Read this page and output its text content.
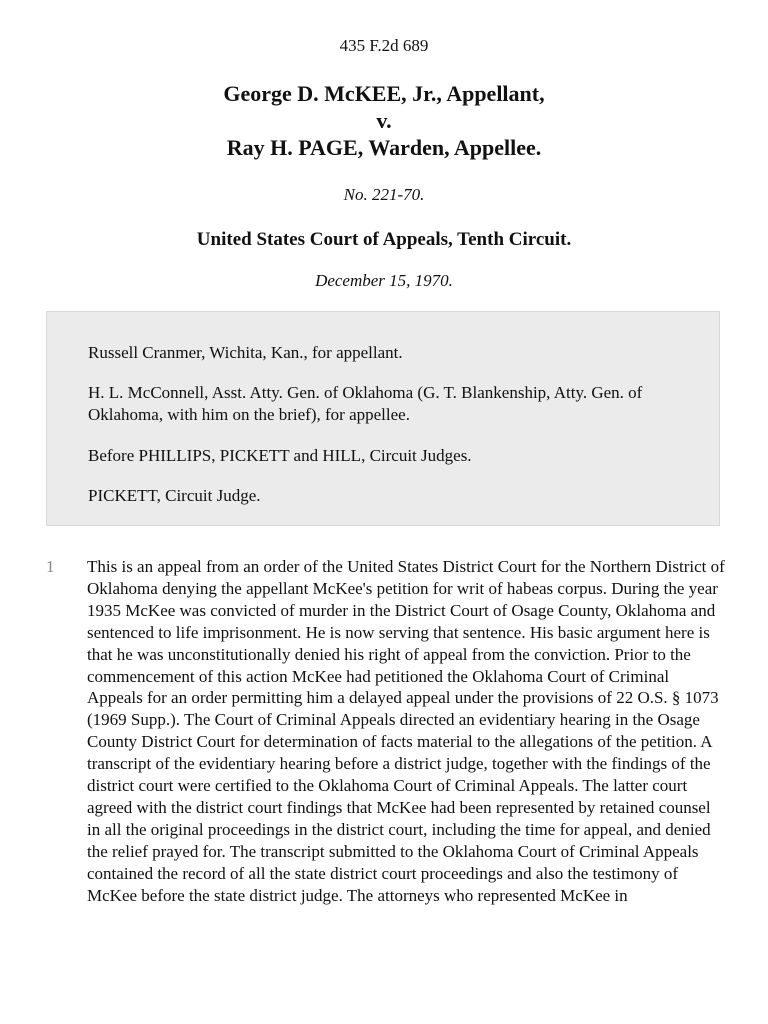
435 F.2d 689
George D. McKEE, Jr., Appellant,
v.
Ray H. PAGE, Warden, Appellee.
No. 221-70.
United States Court of Appeals, Tenth Circuit.
December 15, 1970.

Russell Cranmer, Wichita, Kan., for appellant.

H. L. McConnell, Asst. Atty. Gen. of Oklahoma (G. T. Blankenship, Atty. Gen. of Oklahoma, with him on the brief), for appellee.

Before PHILLIPS, PICKETT and HILL, Circuit Judges.

PICKETT, Circuit Judge.

1 This is an appeal from an order of the United States District Court for the Northern District of Oklahoma denying the appellant McKee's petition for writ of habeas corpus. During the year 1935 McKee was convicted of murder in the District Court of Osage County, Oklahoma and sentenced to life imprisonment. He is now serving that sentence. His basic argument here is that he was unconstitutionally denied his right of appeal from the conviction. Prior to the commencement of this action McKee had petitioned the Oklahoma Court of Criminal Appeals for an order permitting him a delayed appeal under the provisions of 22 O.S. § 1073 (1969 Supp.). The Court of Criminal Appeals directed an evidentiary hearing in the Osage County District Court for determination of facts material to the allegations of the petition. A transcript of the evidentiary hearing before a district judge, together with the findings of the district court were certified to the Oklahoma Court of Criminal Appeals. The latter court agreed with the district court findings that McKee had been represented by retained counsel in all the original proceedings in the district court, including the time for appeal, and denied the relief prayed for. The transcript submitted to the Oklahoma Court of Criminal Appeals contained the record of all the state district court proceedings and also the testimony of McKee before the state district judge. The attorneys who represented McKee in
